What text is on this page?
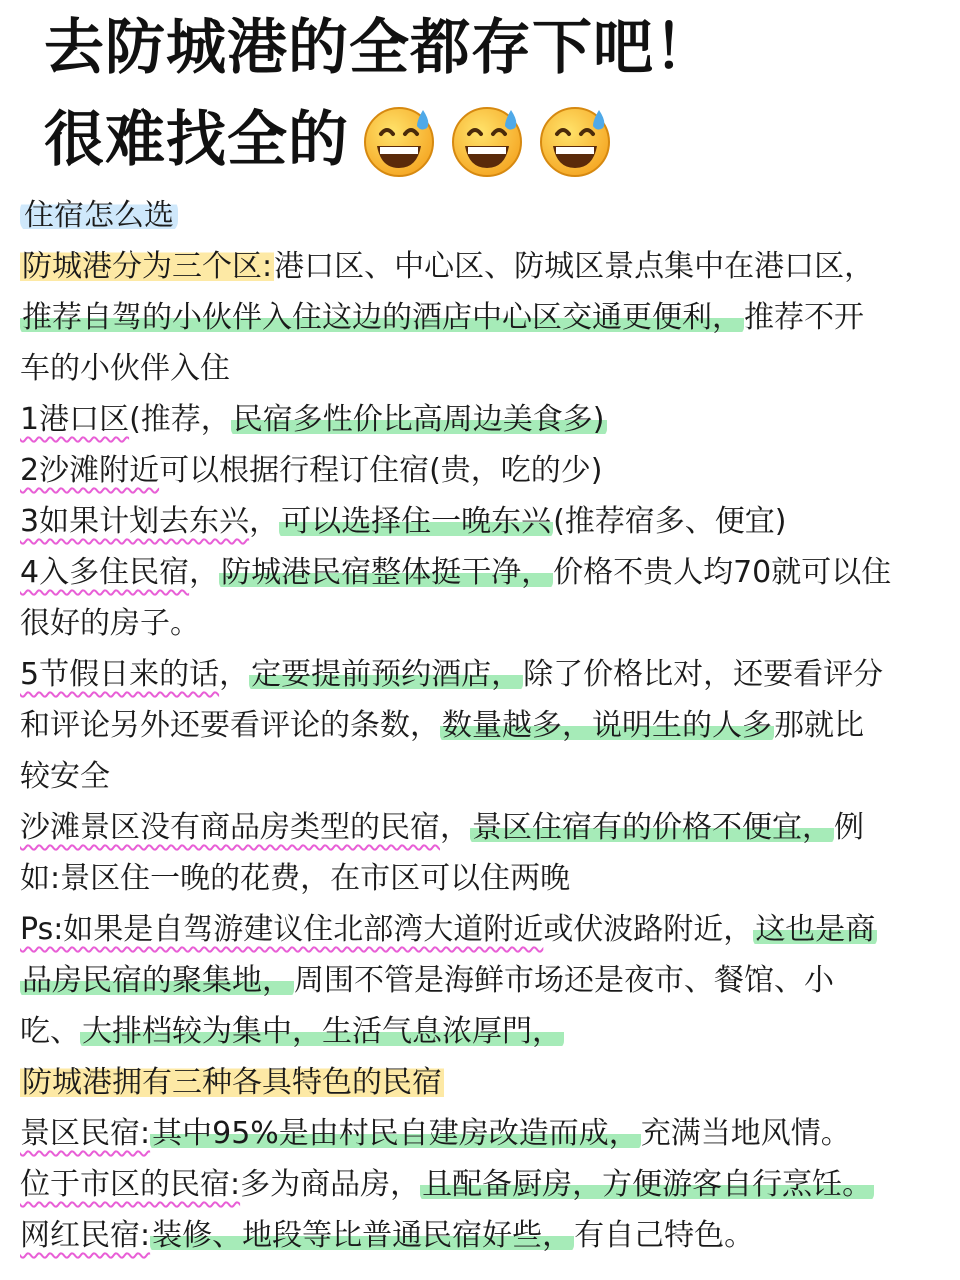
去防城港的全都存下吧！
很难找全的
住宿怎么选
防城港分为三个区:港口区、中心区、防城区景点集中在港口区，
推荐自驾的小伙伴入住这边的酒店中心区交通更便利，推荐不开
车的小伙伴入住
1港口区(推荐，民宿多性价比高周边美食多)
2沙滩附近可以根据行程订住宿(贵，吃的少)
3如果计划去东兴，可以选择住一晚东兴(推荐宿多、便宜)
4入多住民宿，防城港民宿整体挺干净，价格不贵人均70就可以住
很好的房子。
5节假日来的话，定要提前预约酒店，除了价格比对，还要看评分
和评论另外还要看评论的条数，数量越多，说明生的人多那就比
较安全
沙滩景区没有商品房类型的民宿，景区住宿有的价格不便宜，例
如:景区住一晚的花费，在市区可以住两晚
Ps:如果是自驾游建议住北部湾大道附近或伏波路附近，这也是商
品房民宿的聚集地，周围不管是海鲜市场还是夜市、餐馆、小
吃、大排档较为集中，生活气息浓厚門，
防城港拥有三种各具特色的民宿
景区民宿:其中95%是由村民自建房改造而成，充满当地风情。
位于市区的民宿:多为商品房，且配备厨房，方便游客自行烹饪。
网红民宿:装修、地段等比普通民宿好些，有自己特色。
